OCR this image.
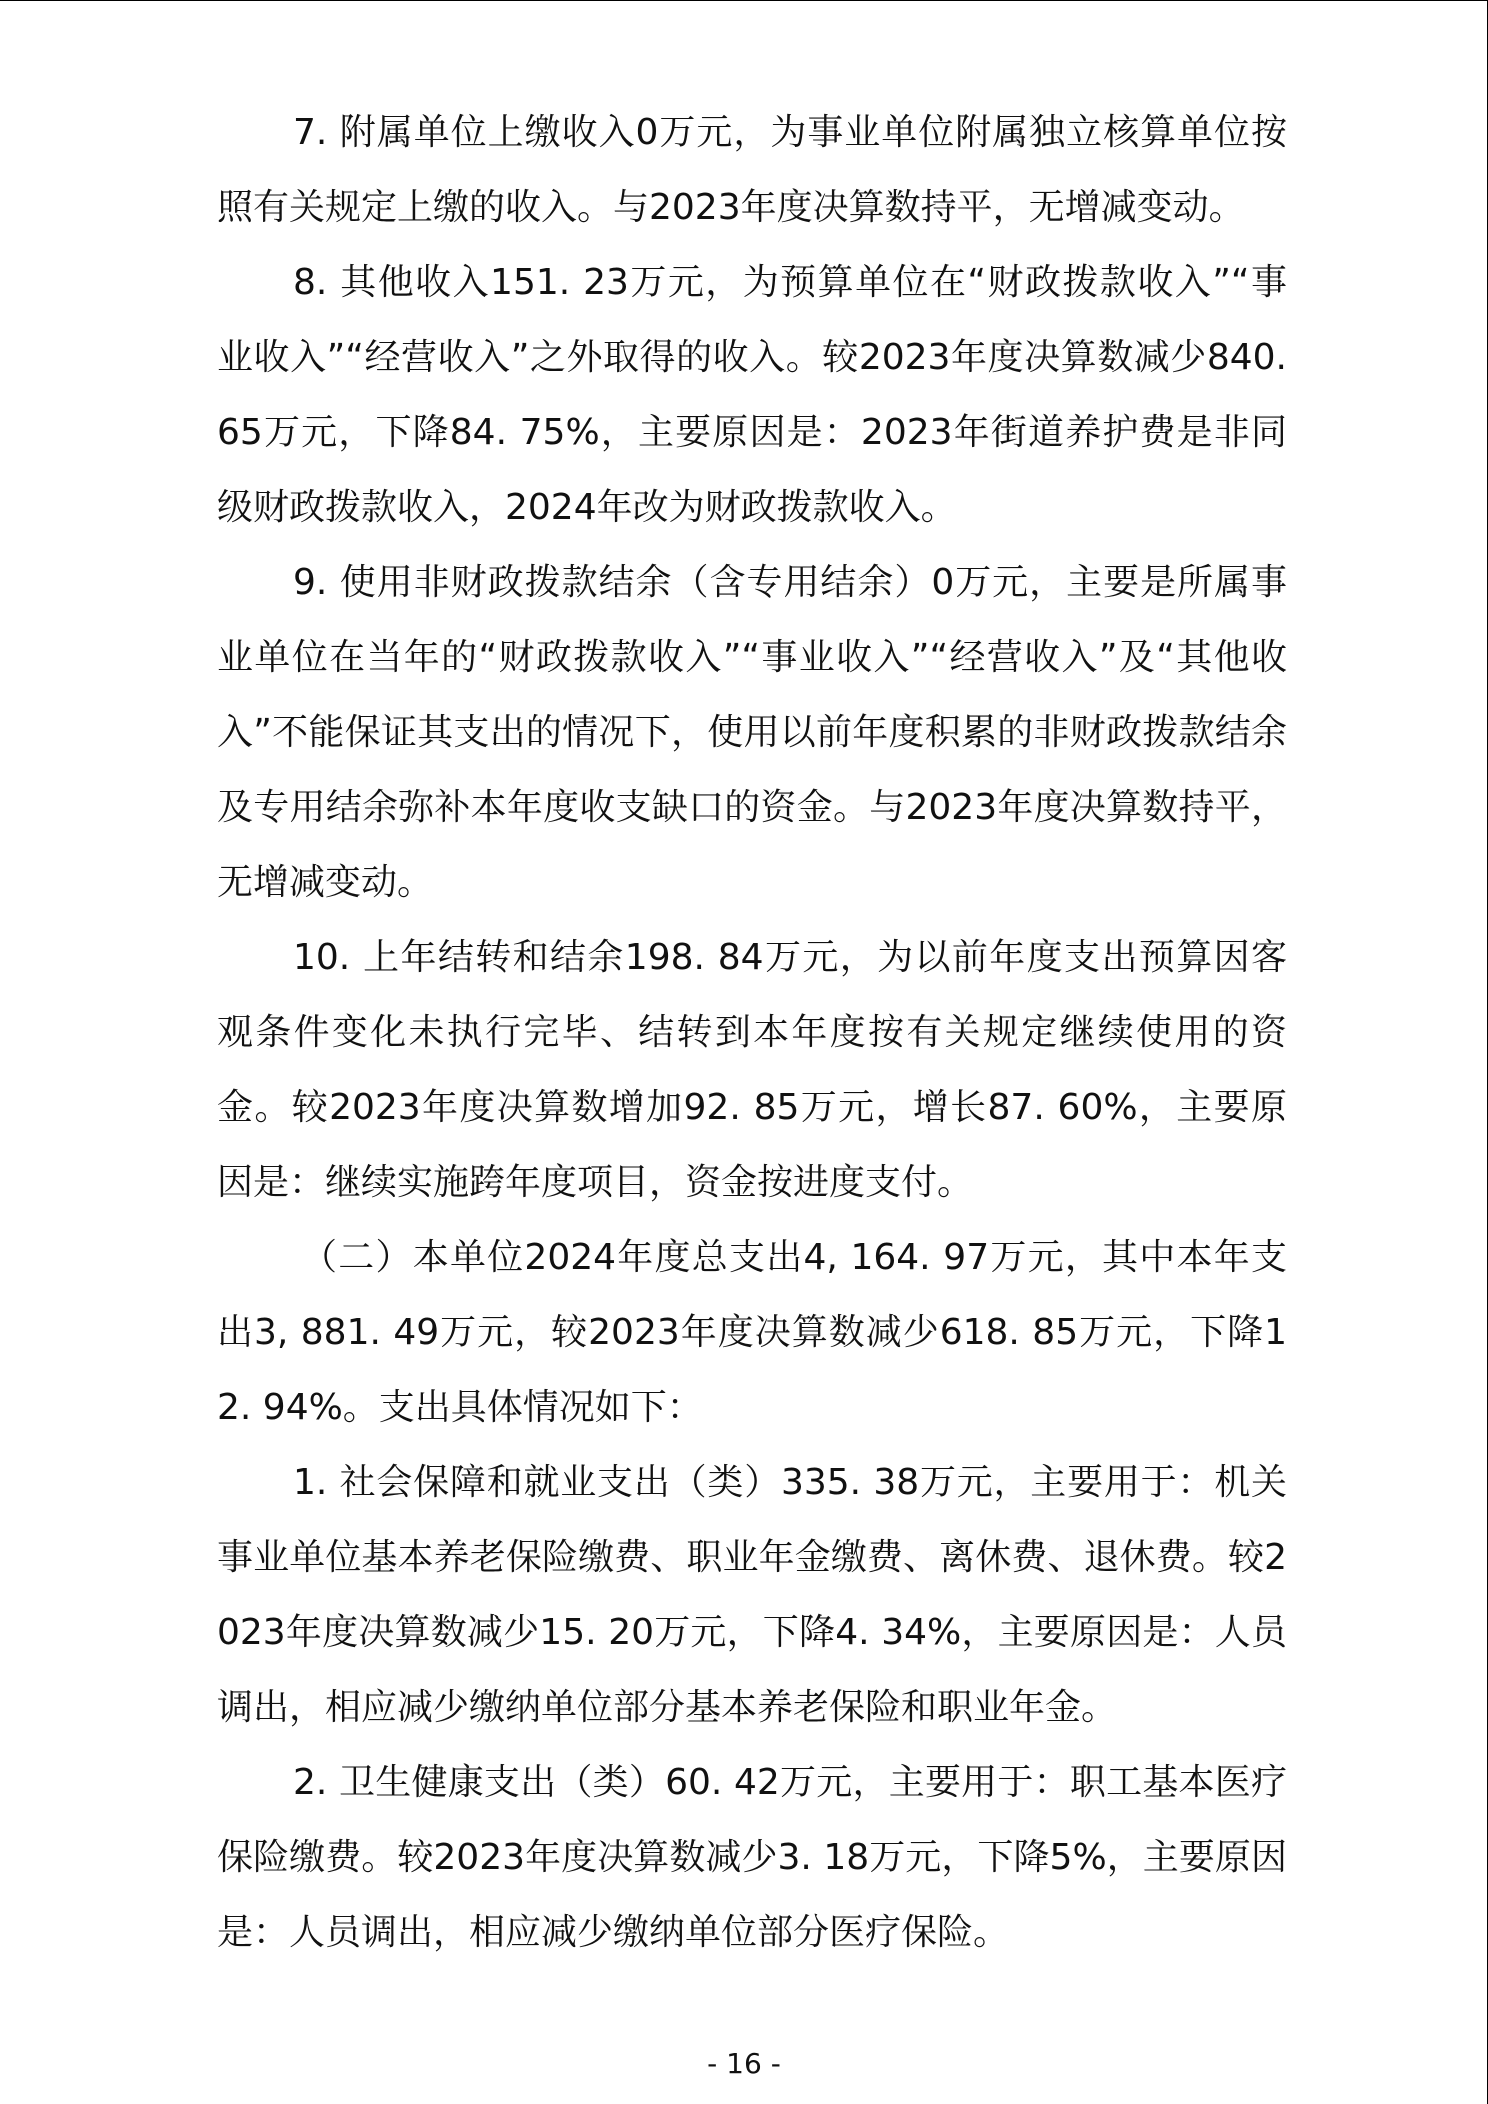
7. 附属单位上缴收入0万元，为事业单位附属独立核算单位按照有关规定上缴的收入。与2023年度决算数持平，无增减变动。

8. 其他收入151. 23万元，为预算单位在“财政拨款收入”“事业收入”“经营收入”之外取得的收入。较2023年度决算数减少840. 65万元，下降84. 75%，主要原因是：2023年街道养护费是非同级财政拨款收入，2024年改为财政拨款收入。

9. 使用非财政拨款结余（含专用结余）0万元，主要是所属事业单位在当年的“财政拨款收入”“事业收入”“经营收入”及“其他收入”不能保证其支出的情况下，使用以前年度积累的非财政拨款结余及专用结余弥补本年度收支缺口的资金。与2023年度决算数持平，无增减变动。

10. 上年结转和结余198. 84万元，为以前年度支出预算因客观条件变化未执行完毕、结转到本年度按有关规定继续使用的资金。较2023年度决算数增加92. 85万元，增长87. 60%，主要原因是：继续实施跨年度项目，资金按进度支付。

（二）本单位2024年度总支出4, 164. 97万元，其中本年支出3, 881. 49万元，较2023年度决算数减少618. 85万元，下降12. 94%。支出具体情况如下：

1. 社会保障和就业支出（类）335. 38万元，主要用于：机关事业单位基本养老保险缴费、职业年金缴费、离休费、退休费。较2023年度决算数减少15. 20万元，下降4. 34%，主要原因是：人员调出，相应减少缴纳单位部分基本养老保险和职业年金。

2. 卫生健康支出（类）60. 42万元，主要用于：职工基本医疗保险缴费。较2023年度决算数减少3. 18万元，下降5%，主要原因是：人员调出，相应减少缴纳单位部分医疗保险。

- 16 -
